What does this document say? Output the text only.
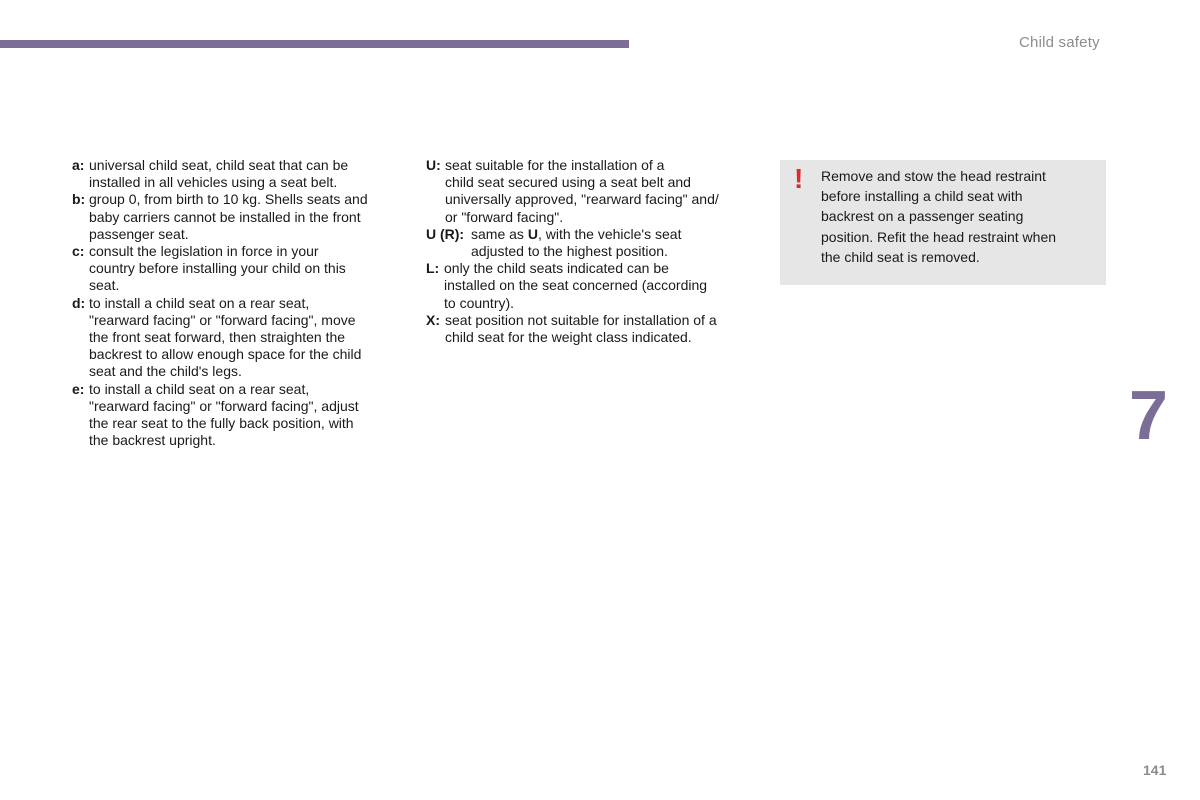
Child safety
7
141
a: universal child seat, child seat that can be
installed in all vehicles using a seat belt.
b: group 0, from birth to 10 kg. Shells seats and
baby carriers cannot be installed in the front
passenger seat.
c: consult the legislation in force in your
country before installing your child on this
seat.
d: to install a child seat on a rear seat,
"rearward facing" or "forward facing", move
the front seat forward, then straighten the
backrest to allow enough space for the child
seat and the child's legs.
e: to install a child seat on a rear seat,
"rearward facing" or "forward facing", adjust
the rear seat to the fully back position, with
the backrest upright.
U: seat suitable for the installation of a
child seat secured using a seat belt and
universally approved, "rearward facing" and/
or "forward facing".
U (R): same as U, with the vehicle's seat
adjusted to the highest position.
L: only the child seats indicated can be
installed on the seat concerned (according
to country).
X: seat position not suitable for installation of a
child seat for the weight class indicated.
! Remove and stow the head restraint
before installing a child seat with
backrest on a passenger seating
position. Refit the head restraint when
the child seat is removed.
